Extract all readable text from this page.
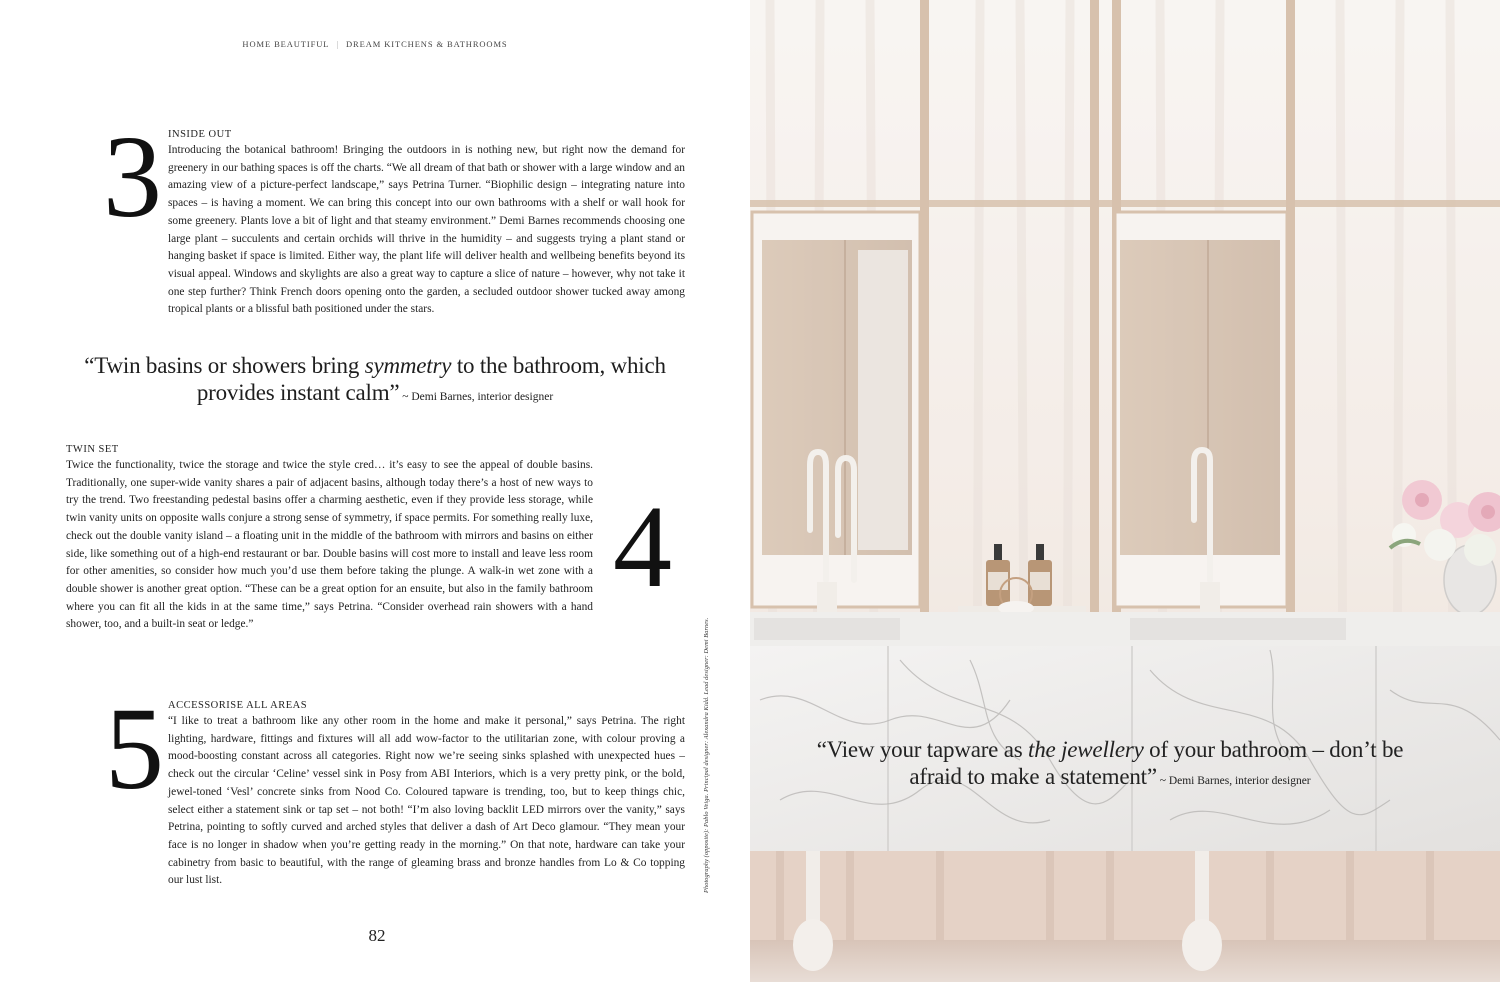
HOME BEAUTIFUL | DREAM KITCHENS & BATHROOMS
3 INSIDE OUT

Introducing the botanical bathroom! Bringing the outdoors in is nothing new, but right now the demand for greenery in our bathing spaces is off the charts. “We all dream of that bath or shower with a large window and an amazing view of a picture-perfect landscape,” says Petrina Turner. “Biophilic design – integrating nature into spaces – is having a moment. We can bring this concept into our own bathrooms with a shelf or wall hook for some greenery. Plants love a bit of light and that steamy environment.” Demi Barnes recommends choosing one large plant – succulents and certain orchids will thrive in the humidity – and suggests trying a plant stand or hanging basket if space is limited. Either way, the plant life will deliver health and wellbeing benefits beyond its visual appeal. Windows and skylights are also a great way to capture a slice of nature – however, why not take it one step further? Think French doors opening onto the garden, a secluded outdoor shower tucked away among tropical plants or a blissful bath positioned under the stars.

“Twin basins or showers bring symmetry to the bathroom, which provides instant calm” ~ Demi Barnes, interior designer
TWIN SET

Twice the functionality, twice the storage and twice the style cred… it’s easy to see the appeal of double basins. Traditionally, one super-wide vanity shares a pair of adjacent basins, although today there’s a host of new ways to try the trend. Two freestanding pedestal basins offer a charming aesthetic, even if they provide less storage, while twin vanity units on opposite walls conjure a strong sense of symmetry, if space permits. For something really luxe, check out the double vanity island – a floating unit in the middle of the bathroom with mirrors and basins on either side, like something out of a high-end restaurant or bar. Double basins will cost more to install and leave less room for other amenities, so consider how much you’d use them before taking the plunge. A walk-in wet zone with a double shower is another great option. “These can be a great option for an ensuite, but also in the family bathroom where you can fit all the kids in at the same time,” says Petrina. “Consider overhead rain showers with a hand shower, too, and a built-in seat or ledge.”

4
5 ACCESSORISE ALL AREAS

“I like to treat a bathroom like any other room in the home and make it personal,” says Petrina. The right lighting, hardware, fittings and fixtures will all add wow-factor to the utilitarian zone, with colour proving a mood-boosting constant across all categories. Right now we’re seeing sinks splashed with unexpected hues – check out the circular ‘Celine’ vessel sink in Posy from ABI Interiors, which is a very pretty pink, or the bold, jewel-toned ‘Vesl’ concrete sinks from Nood Co. Coloured tapware is trending, too, but to keep things chic, select either a statement sink or tap set – not both! “I’m also loving backlit LED mirrors over the vanity,” says Petrina, pointing to softly curved and arched styles that deliver a dash of Art Deco glamour. “They mean your face is no longer in shadow when you’re getting ready in the morning.” On that note, hardware can take your cabinetry from basic to beautiful, with the range of gleaming brass and bronze handles from Lo & Co topping our lust list.

82
Photography (opposite): Pablo Veiga. Principal designer: Alexandra Kidd. Lead designer: Demi Barnes.	“View your tapware as the jewellery of your bathroom – don’t be afraid to make a statement” ~ Demi Barnes, interior designer
